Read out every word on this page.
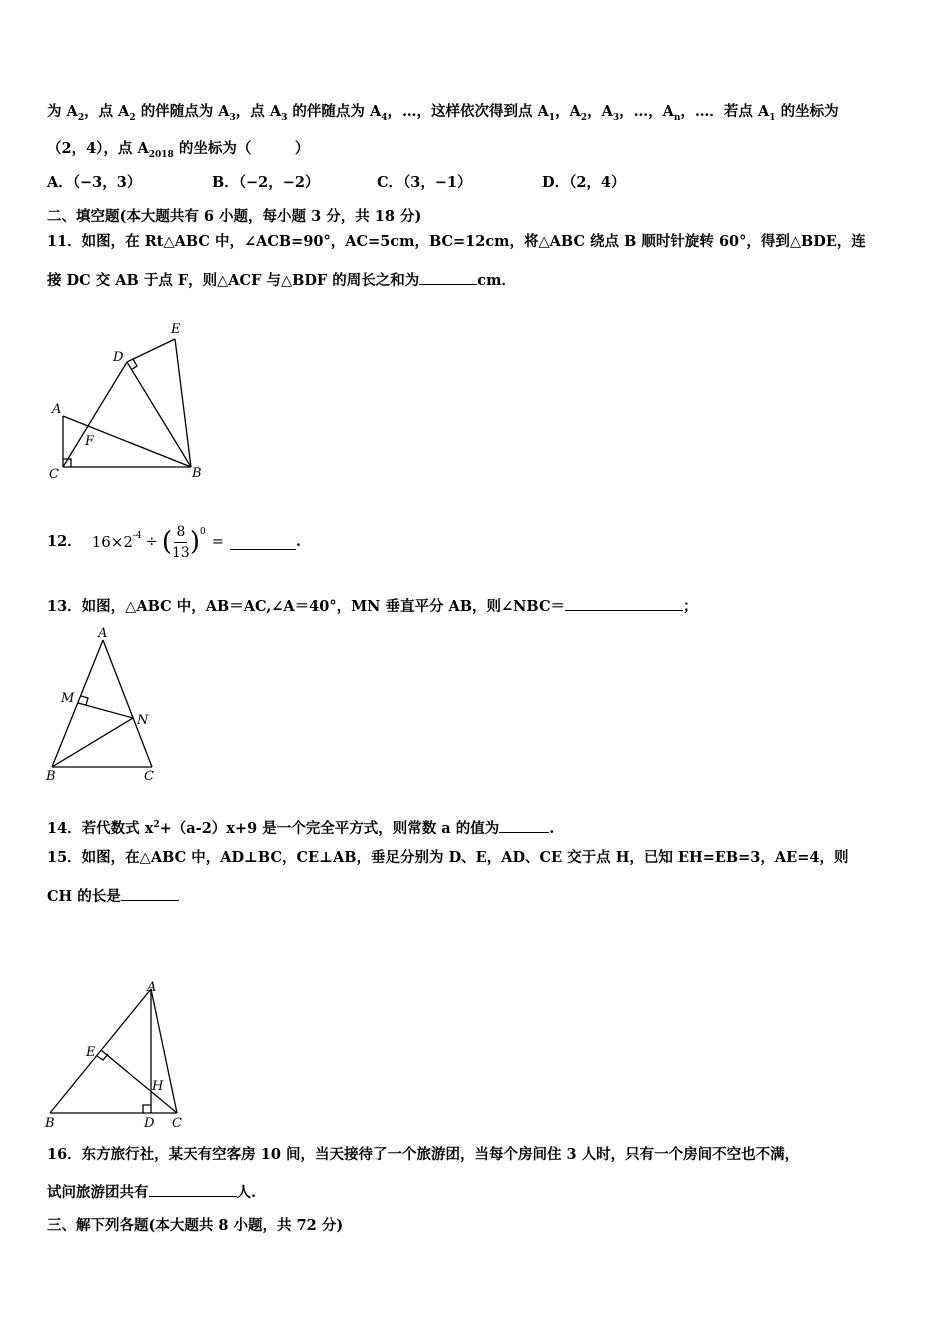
为 $A_2$，点 $A_2$ 的伴随点为 $A_3$，点 $A_3$ 的伴随点为 $A_4$，…，这样依次得到点 $A_1$，$A_2$，$A_3$，…，$A_n$，…．若点 $A_1$ 的坐标为
（2，4），点 $A_{2018}$ 的坐标为（　　　）
A．（−3，3）	B．（−2，−2）	C．（3，−1）	D．（2，4）
二、填空题(本大题共有 6 小题，每小题 3 分，共 18 分)
11．如图，在 Rt△ABC 中，∠ACB=90°，AC=5cm，BC=12cm，将△ABC 绕点 B 顺时针旋转 60°，得到△BDE，连
接 DC 交 AB 于点 F，则△ACF 与△BDF 的周长之和为	cm．
E
D
A
F
C	B
12． $16\times 2^{-4}$ ÷ ( $\frac{8}{13} )^0$
=	.
13．如图，△ABC 中，AB＝AC,∠A＝40°，MN 垂直平分 AB，则∠NBC＝	；
A
M
N
B	C
14．若代数式 $x^2+(a-2)x+9$ 是一个完全平方式，则常数 a 的值为	.
15．如图，在△ABC 中，AD⊥BC，CE⊥AB，垂足分别为 D、E，AD、CE 交于点 H，已知 EH=EB=3，AE=4，则
CH 的长是
A
E
H
B	D C
16．东方旅行社，某天有空客房 10 间，当天接待了一个旅游团，当每个房间住 3 人时，只有一个房间不空也不满，
试问旅游团共有	人.
三、解下列各题(本大题共 8 小题，共 72 分)
